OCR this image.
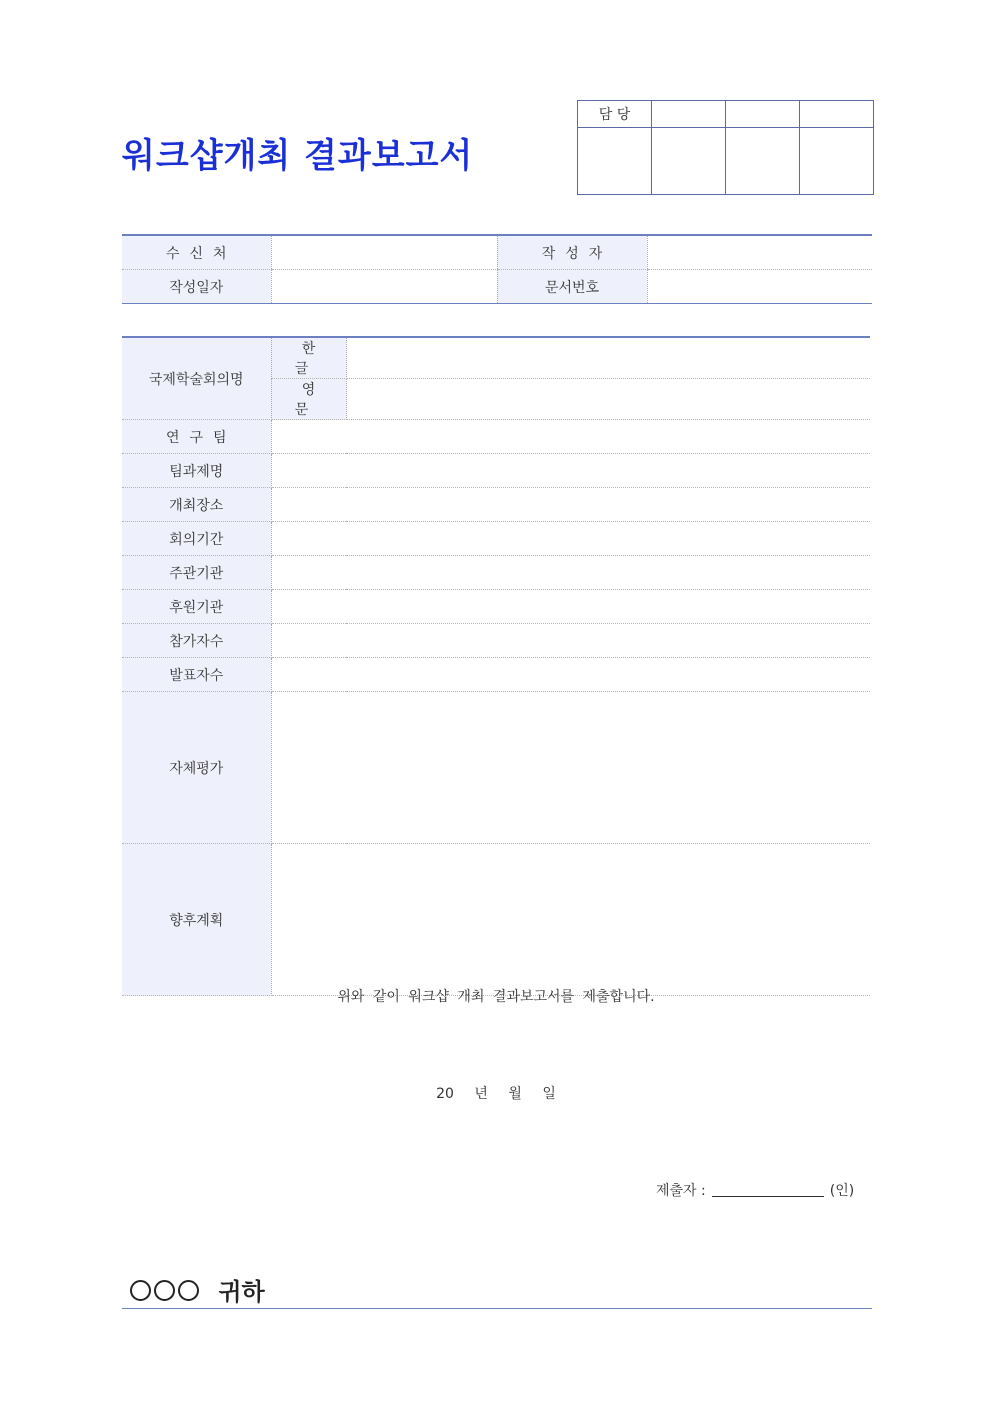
워크샵개최 결과보고서
담 당			

수신처		작성자	
작성일자		문서번호	
국제학술회의명	한 글	
	영 문	
연구팀		
팀과제명		
개최장소		
회의기간		
주관기관		
후원기관		
참가자수		
발표자수		
자체평가		
향후계획		
위와 같이 워크샵 개최 결과보고서를 제출합니다.
20 년 월 일
제출자 :	(인)
귀하
